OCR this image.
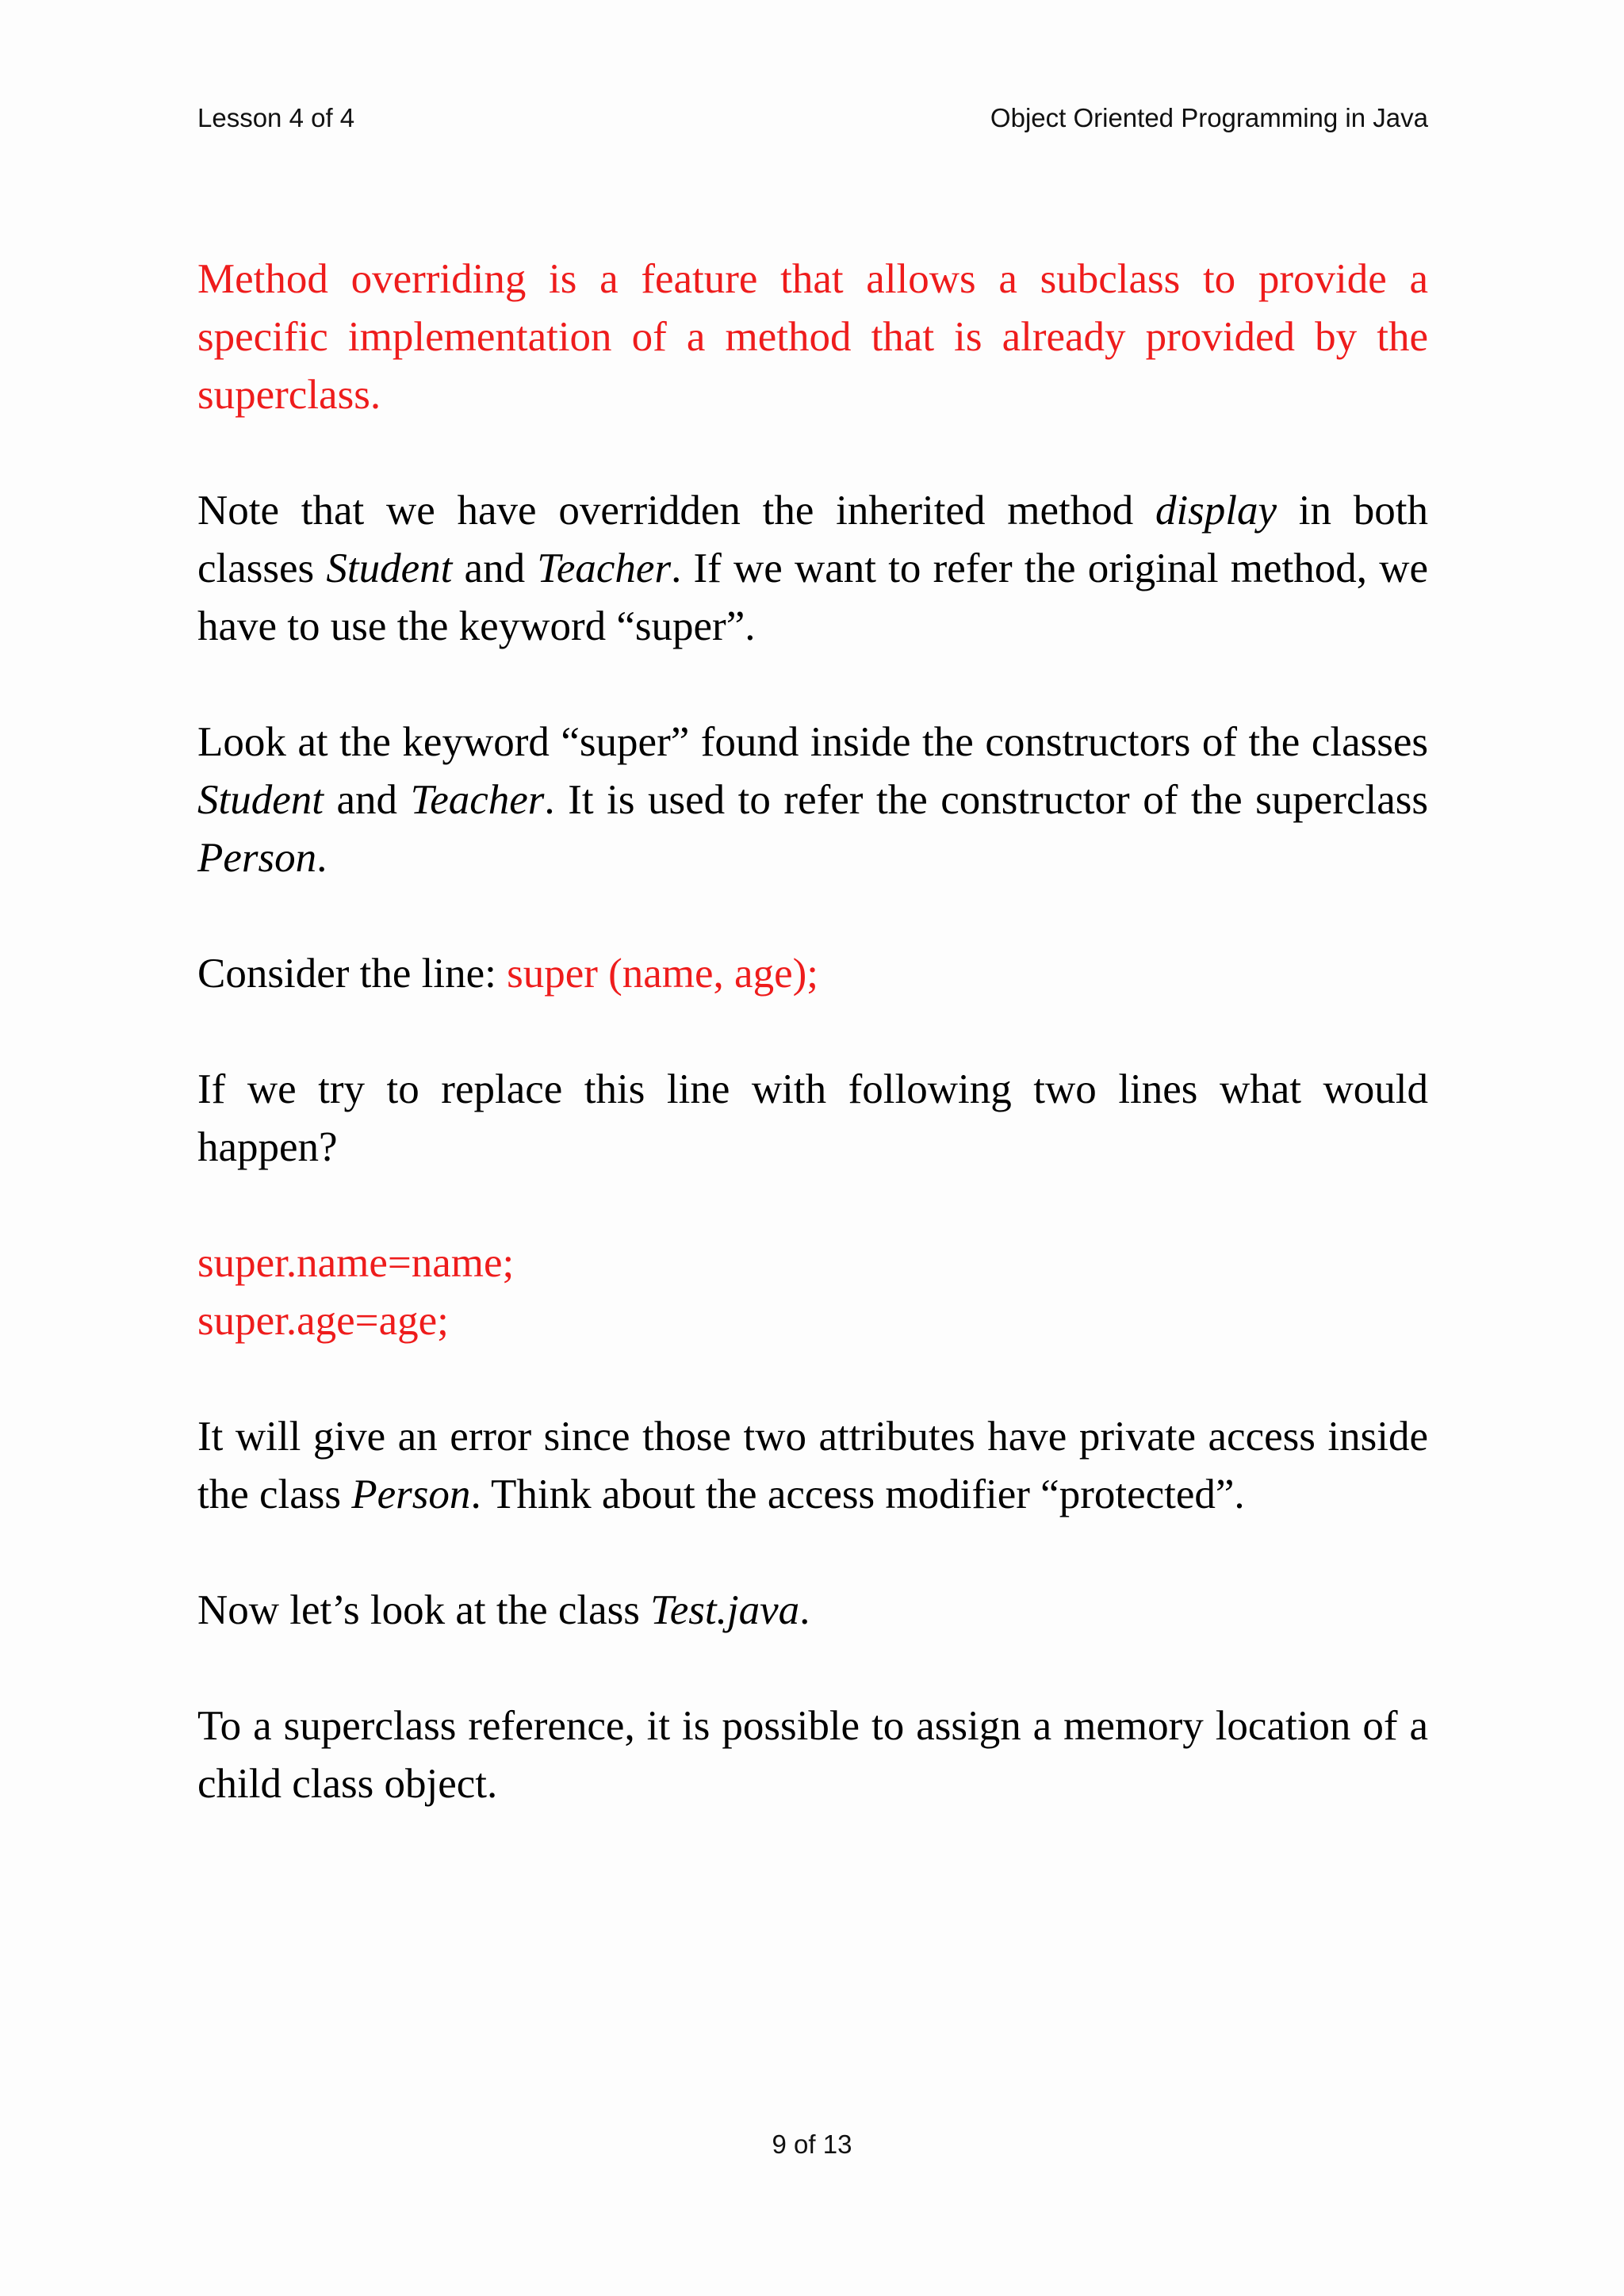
Lesson 4 of 4	Object Oriented Programming in Java

Method overriding is a feature that allows a subclass to provide a specific implementation of a method that is already provided by the superclass.

Note that we have overridden the inherited method display in both classes Student and Teacher. If we want to refer the original method, we have to use the keyword “super”.

Look at the keyword “super” found inside the constructors of the classes Student and Teacher. It is used to refer the constructor of the superclass Person.

Consider the line: super (name, age);

If we try to replace this line with following two lines what would happen?

super.name=name;
super.age=age;

It will give an error since those two attributes have private access inside the class Person. Think about the access modifier “protected”.

Now let’s look at the class Test.java.

To a superclass reference, it is possible to assign a memory location of a child class object.

9 of 13
